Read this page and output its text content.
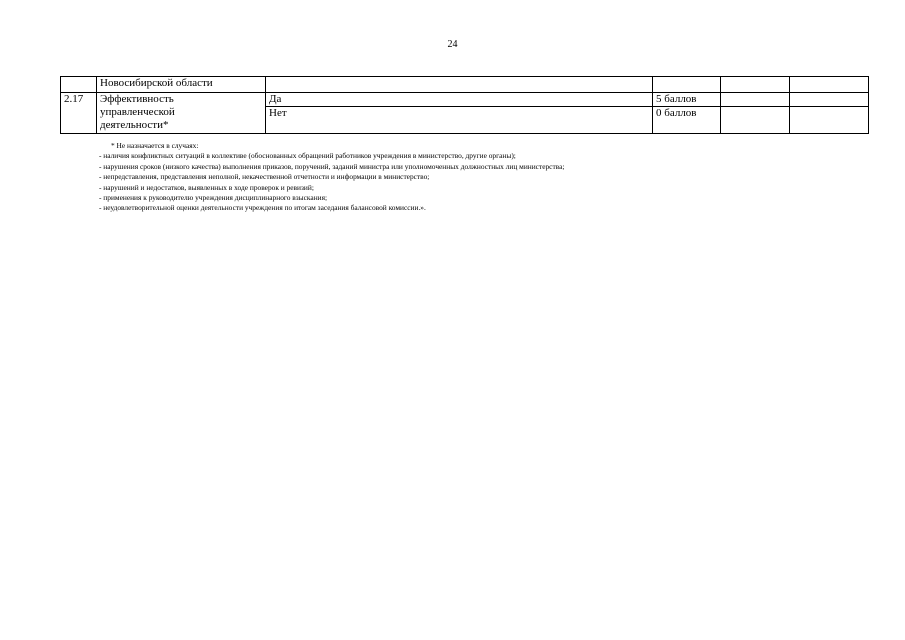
24
	Новосибирской области				
2.17	Эффективность
управленческой
деятельности*	Да	5 баллов		
		Нет	0 баллов		
* Не назначается в случаях:
- наличия конфликтных ситуаций в коллективе (обоснованных обращений работников учреждения в министерство, другие органы);
- нарушения сроков (низкого качества) выполнения приказов, поручений, заданий министра или уполномоченных должностных лиц министерства;
- непредставления, представления неполной, некачественной отчетности и информации в министерство;
- нарушений и недостатков, выявленных в ходе проверок и ревизий;
- применения к руководителю учреждения дисциплинарного взыскания;
- неудовлетворительной оценки деятельности учреждения по итогам заседания балансовой комиссии.».
